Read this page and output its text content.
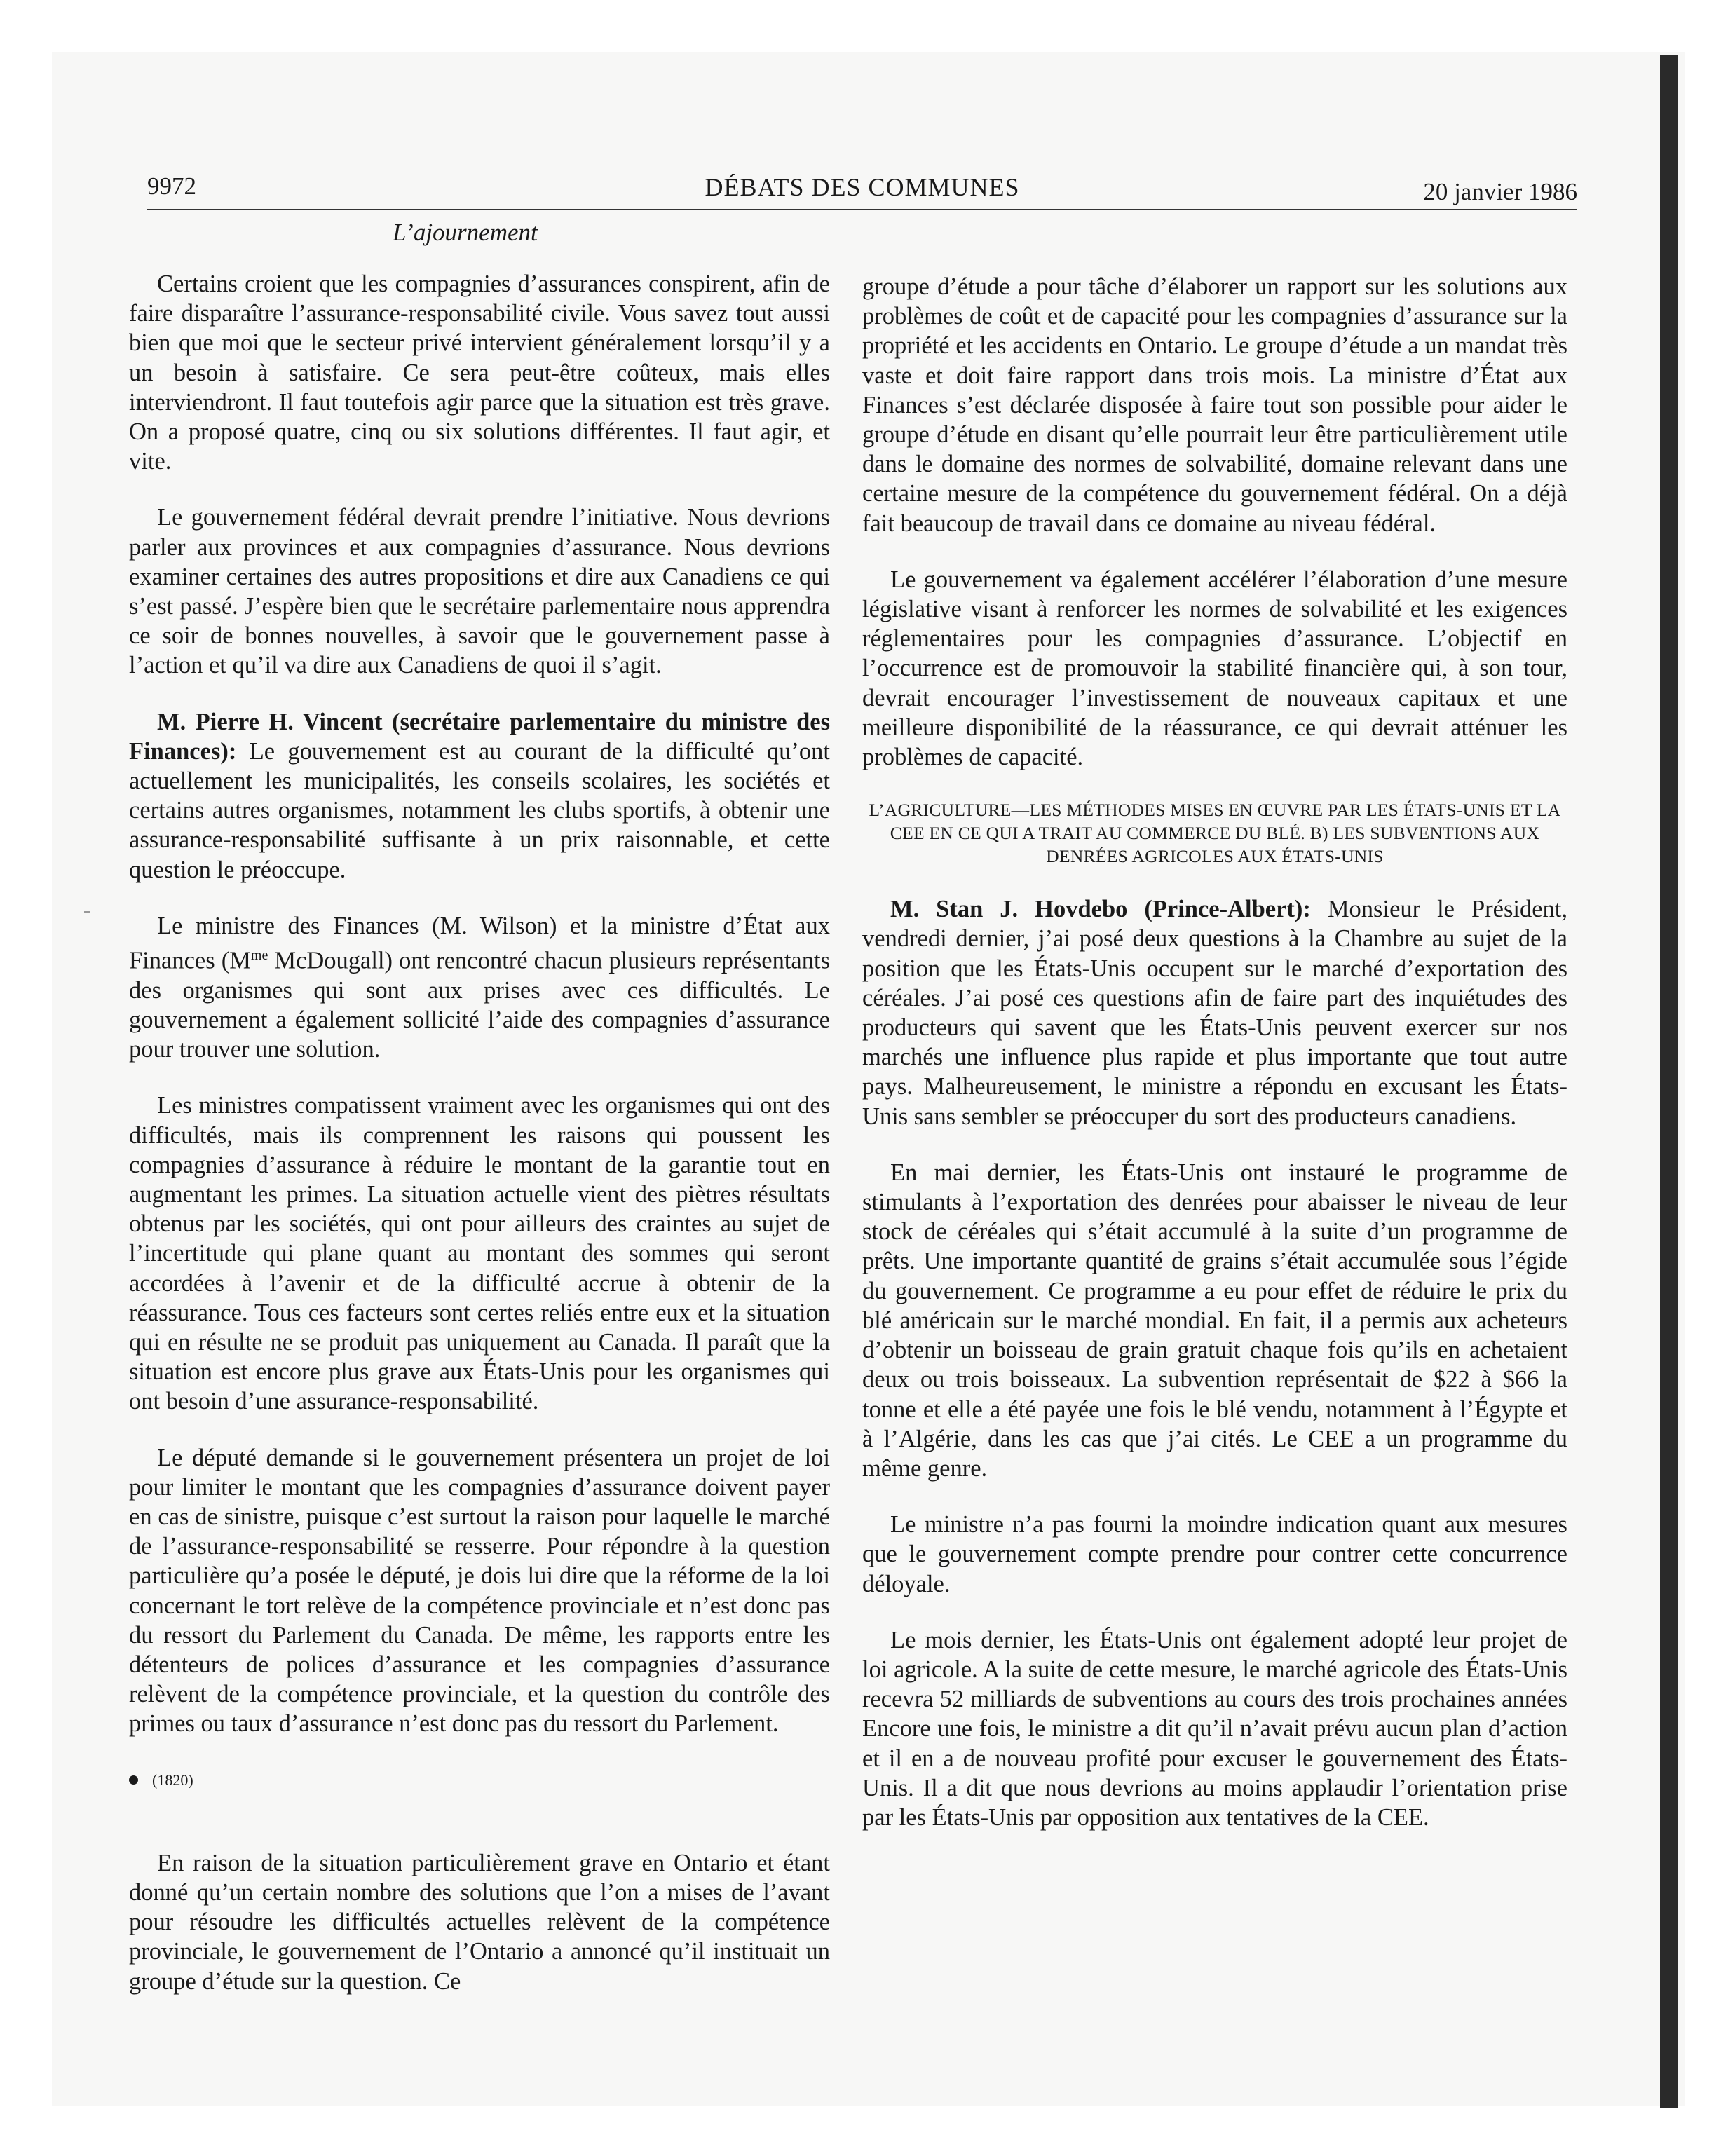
9972	DÉBATS DES COMMUNES	20 janvier 1986
L’ajournement

Certains croient que les compagnies d’assurances conspirent, afin de faire disparaître l’assurance-responsabilité civile. Vous savez tout aussi bien que moi que le secteur privé intervient généralement lorsqu’il y a un besoin à satisfaire. Ce sera peut-être coûteux, mais elles interviendront. Il faut toutefois agir parce que la situation est très grave. On a proposé quatre, cinq ou six solutions différentes. Il faut agir, et vite.

Le gouvernement fédéral devrait prendre l’initiative. Nous devrions parler aux provinces et aux compagnies d’assurance. Nous devrions examiner certaines des autres propositions et dire aux Canadiens ce qui s’est passé. J’espère bien que le secrétaire parlementaire nous apprendra ce soir de bonnes nouvelles, à savoir que le gouvernement passe à l’action et qu’il va dire aux Canadiens de quoi il s’agit.

M. Pierre H. Vincent (secrétaire parlementaire du ministre des Finances): Le gouvernement est au courant de la difficulté qu’ont actuellement les municipalités, les conseils scolaires, les sociétés et certains autres organismes, notamment les clubs sportifs, à obtenir une assurance-responsabilité suffisante à un prix raisonnable, et cette question le préoccupe.

Le ministre des Finances (M. Wilson) et la ministre d’État aux Finances ($M^{me}$ McDougall) ont rencontré chacun plusieurs représentants des organismes qui sont aux prises avec ces difficultés. Le gouvernement a également sollicité l’aide des compagnies d’assurance pour trouver une solution.

Les ministres compatissent vraiment avec les organismes qui ont des difficultés, mais ils comprennent les raisons qui poussent les compagnies d’assurance à réduire le montant de la garantie tout en augmentant les primes. La situation actuelle vient des piètres résultats obtenus par les sociétés, qui ont pour ailleurs des craintes au sujet de l’incertitude qui plane quant au montant des sommes qui seront accordées à l’avenir et de la difficulté accrue à obtenir de la réassurance. Tous ces facteurs sont certes reliés entre eux et la situation qui en résulte ne se produit pas uniquement au Canada. Il paraît que la situation est encore plus grave aux États-Unis pour les organismes qui ont besoin d’une assurance-responsabilité.

Le député demande si le gouvernement présentera un projet de loi pour limiter le montant que les compagnies d’assurance doivent payer en cas de sinistre, puisque c’est surtout la raison pour laquelle le marché de l’assurance-responsabilité se resserre. Pour répondre à la question particulière qu’a posée le député, je dois lui dire que la réforme de la loi concernant le tort relève de la compétence provinciale et n’est donc pas du ressort du Parlement du Canada. De même, les rapports entre les détenteurs de polices d’assurance et les compagnies d’assurance relèvent de la compétence provinciale, et la question du contrôle des primes ou taux d’assurance n’est donc pas du ressort du Parlement.

(1820)

En raison de la situation particulièrement grave en Ontario et étant donné qu’un certain nombre des solutions que l’on a mises de l’avant pour résoudre les difficultés actuelles relèvent de la compétence provinciale, le gouvernement de l’Ontario a annoncé qu’il instituait un groupe d’étude sur la question. Ce

groupe d’étude a pour tâche d’élaborer un rapport sur les solutions aux problèmes de coût et de capacité pour les compagnies d’assurance sur la propriété et les accidents en Ontario. Le groupe d’étude a un mandat très vaste et doit faire rapport dans trois mois. La ministre d’État aux Finances s’est déclarée disposée à faire tout son possible pour aider le groupe d’étude en disant qu’elle pourrait leur être particulièrement utile dans le domaine des normes de solvabilité, domaine relevant dans une certaine mesure de la compétence du gouvernement fédéral. On a déjà fait beaucoup de travail dans ce domaine au niveau fédéral.

Le gouvernement va également accélérer l’élaboration d’une mesure législative visant à renforcer les normes de solvabilité et les exigences réglementaires pour les compagnies d’assurance. L’objectif en l’occurrence est de promouvoir la stabilité financière qui, à son tour, devrait encourager l’investissement de nouveaux capitaux et une meilleure disponibilité de la réassurance, ce qui devrait atténuer les problèmes de capacité.

L’AGRICULTURE—LES MÉTHODES MISES EN ŒUVRE PAR LES ÉTATS-UNIS ET LA CEE EN CE QUI A TRAIT AU COMMERCE DU BLÉ. B) LES SUBVENTIONS AUX DENRÉES AGRICOLES AUX ÉTATS-UNIS

M. Stan J. Hovdebo (Prince-Albert): Monsieur le Président, vendredi dernier, j’ai posé deux questions à la Chambre au sujet de la position que les États-Unis occupent sur le marché d’exportation des céréales. J’ai posé ces questions afin de faire part des inquiétudes des producteurs qui savent que les États-Unis peuvent exercer sur nos marchés une influence plus rapide et plus importante que tout autre pays. Malheureusement, le ministre a répondu en excusant les États-Unis sans sembler se préoccuper du sort des producteurs canadiens.

En mai dernier, les États-Unis ont instauré le programme de stimulants à l’exportation des denrées pour abaisser le niveau de leur stock de céréales qui s’était accumulé à la suite d’un programme de prêts. Une importante quantité de grains s’était accumulée sous l’égide du gouvernement. Ce programme a eu pour effet de réduire le prix du blé américain sur le marché mondial. En fait, il a permis aux acheteurs d’obtenir un boisseau de grain gratuit chaque fois qu’ils en achetaient deux ou trois boisseaux. La subvention représentait de $22 à $66 la tonne et elle a été payée une fois le blé vendu, notamment à l’Égypte et à l’Algérie, dans les cas que j’ai cités. Le CEE a un programme du même genre.

Le ministre n’a pas fourni la moindre indication quant aux mesures que le gouvernement compte prendre pour contrer cette concurrence déloyale.

Le mois dernier, les États-Unis ont également adopté leur projet de loi agricole. A la suite de cette mesure, le marché agricole des États-Unis recevra 52 milliards de subventions au cours des trois prochaines années Encore une fois, le ministre a dit qu’il n’avait prévu aucun plan d’action et il en a de nouveau profité pour excuser le gouvernement des États-Unis. Il a dit que nous devrions au moins applaudir l’orientation prise par les États-Unis par opposition aux tentatives de la CEE.
